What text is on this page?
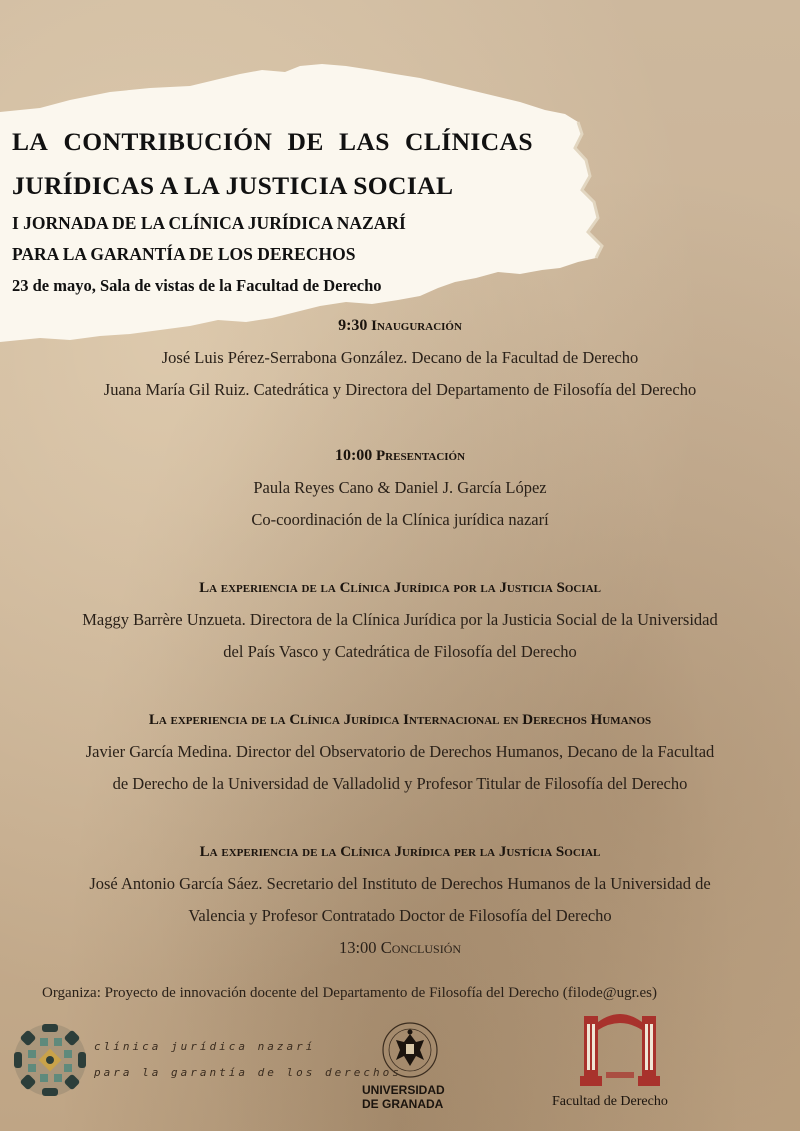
LA CONTRIBUCIÓN DE LAS CLÍNICAS
JURÍDICAS A LA JUSTICIA SOCIAL
I JORNADA DE LA CLÍNICA JURÍDICA NAZARÍ
PARA LA GARANTÍA DE LOS DERECHOS
23 de mayo, Sala de vistas de la Facultad de Derecho
9:30 Inauguración
José Luis Pérez-Serrabona González. Decano de la Facultad de Derecho
Juana María Gil Ruiz. Catedrática y Directora del Departamento de Filosofía del Derecho
10:00 Presentación
Paula Reyes Cano & Daniel J. García López
Co-coordinación de la Clínica jurídica nazarí
La experiencia de la Clínica Jurídica por la Justicia Social
Maggy Barrère Unzueta. Directora de la Clínica Jurídica por la Justicia Social de la Universidad
del País Vasco y Catedrática de Filosofía del Derecho
La experiencia de la Clínica Jurídica Internacional en Derechos Humanos
Javier García Medina. Director del Observatorio de Derechos Humanos, Decano de la Facultad
de Derecho de la Universidad de Valladolid y Profesor Titular de Filosofía del Derecho
La experiencia de la Clínica Jurídica per la Justícia Social
José Antonio García Sáez. Secretario del Instituto de Derechos Humanos de la Universidad de
Valencia y Profesor Contratado Doctor de Filosofía del Derecho
13:00 Conclusión
Organiza: Proyecto de innovación docente del Departamento de Filosofía del Derecho (filode@ugr.es)
clínica jurídica nazarí
para la garantía de los derechos
UNIVERSIDAD
DE GRANADA	Facultad de Derecho
